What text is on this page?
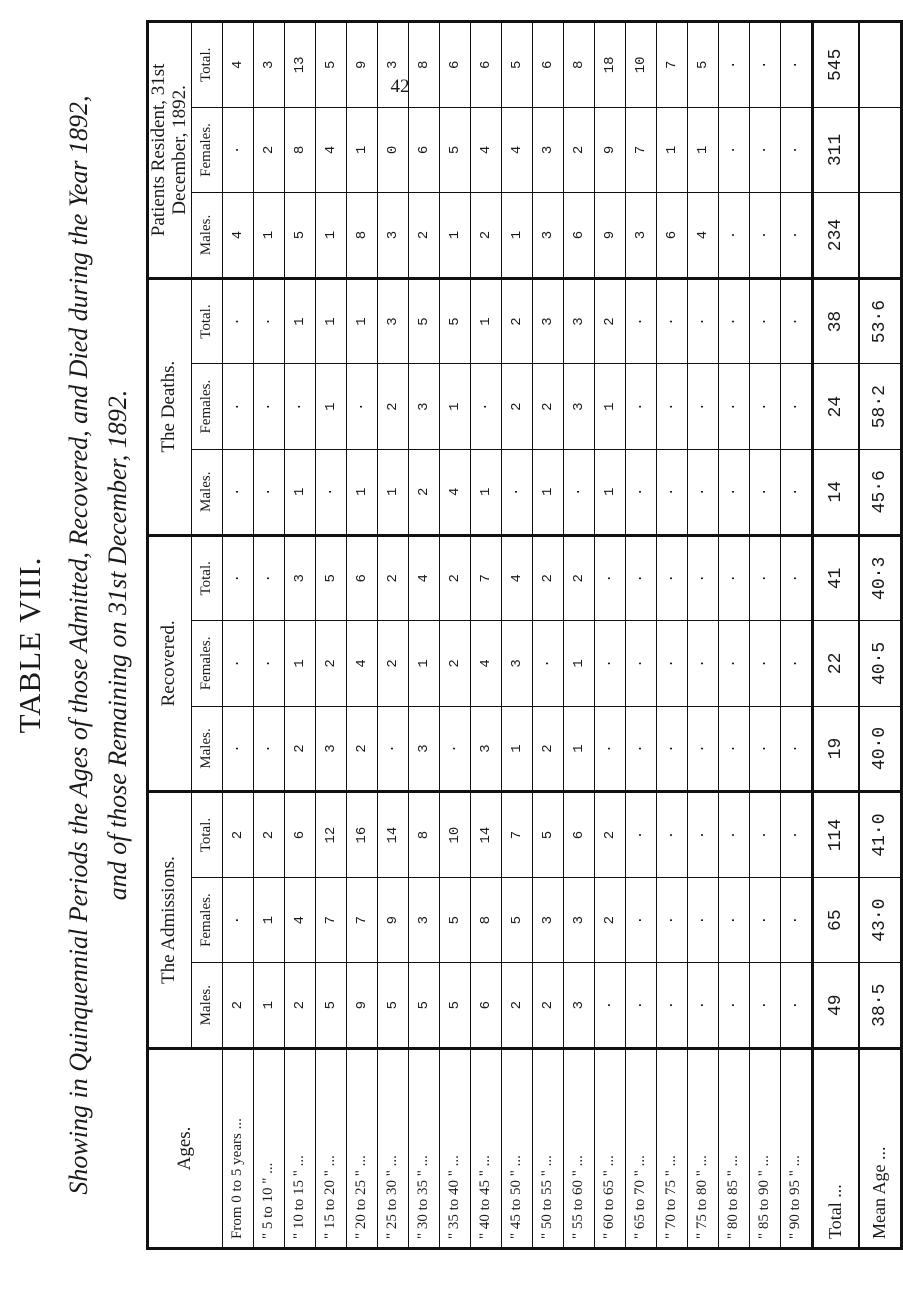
42
TABLE VIII. Showing in Quinquennial Periods the Ages of those Admitted, Recovered, and Died during the Year 1892, and of those Remaining on 31st December, 1892.
Ages.	The Admissions.			Recovered.			The Deaths.			Patients Resident, 31st December, 1892.		
	Males.	Females.	Total.	Males.	Females.	Total.	Males.	Females.	Total.	Males.	Females.	Total.
From 0 to 5 years ...	2	·	2	·	·	·	·	·	·	4	·	4
" 5 to 10 " ...	1	1	2	·	·	·	·	·	·	1	2	3
" 10 to 15 " ...	2	4	6	2	1	3	1	·	1	5	8	13
" 15 to 20 " ...	5	7	12	3	2	5	·	1	1	1	4	5
" 20 to 25 " ...	9	7	16	2	4	6	1	·	1	8	1	9
" 25 to 30 " ...	5	9	14	·	2	2	1	2	3	3	0	3
" 30 to 35 " ...	5	3	8	3	1	4	2	3	5	2	6	8
" 35 to 40 " ...	5	5	10	·	2	2	4	1	5	1	5	6
" 40 to 45 " ...	6	8	14	3	4	7	1	·	1	2	4	6
" 45 to 50 " ...	2	5	7	1	3	4	·	2	2	1	4	5
" 50 to 55 " ...	2	3	5	2	·	2	1	2	3	3	3	6
" 55 to 60 " ...	3	3	6	1	1	2	·	3	3	6	2	8
" 60 to 65 " ...	·	2	2	·	·	·	1	1	2	9	9	18
" 65 to 70 " ...	·	·	·	·	·	·	·	·	·	3	7	10
" 70 to 75 " ...	·	·	·	·	·	·	·	·	·	6	1	7
" 75 to 80 " ...	·	·	·	·	·	·	·	·	·	4	1	5
" 80 to 85 " ...	·	·	·	·	·	·	·	·	·	·	·	·
" 85 to 90 " ...	·	·	·	·	·	·	·	·	·	·	·	·
" 90 to 95 " ...	·	·	·	·	·	·	·	·	·	·	·	·
Total ...	49	65	114	19	22	41	14	24	38	234	311	545
Mean Age ...	38·5	43·0	41·0	40·0	40·5	40·3	45·6	58·2	53·6			
